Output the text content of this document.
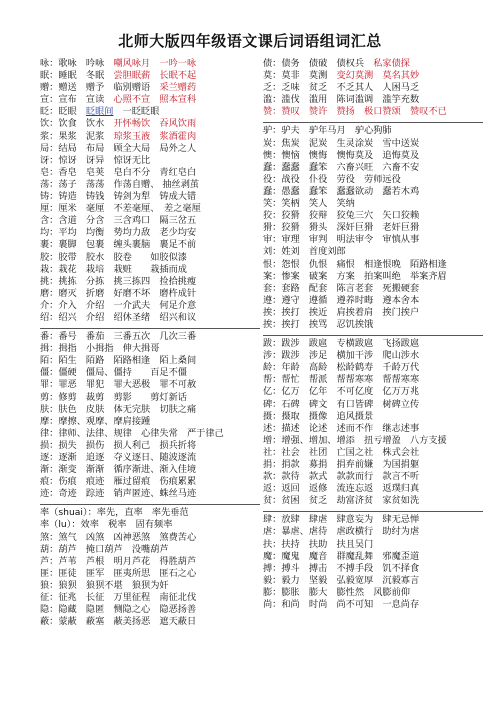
北师大版四年级语文课后词语组词汇总
咏：歌咏　吟咏　嘲风咏月　一吟一咏
眠：睡眠　冬眠　尝胆眠薪　长眠不起
赠：赠送　赠予　临别赠语　采兰赠药
宣：宣布　宣读　心照不宣　照本宣科
眨：眨眼　眨眼间　一眨眨眼
饮：饮食　饮水　开怀畅饮　吞风饮雨
浆：果浆　泥浆　琼浆玉液　浆酒霍肉
局：结局　布局　顾全大局　局外之人
讶：惊讶　讶异　惊讶无比
皂：香皂　皂荚　皂白不分　青红皂白
荡：荡子　荡荡　作荡自赠、 抽丝剥茧
铸：铸造　铸钱　铸剑为犁　铸成大错
厘：厘米　毫厘　不差毫厘、　差之毫厘
含：含道　分含　三含鸡口　隔三岔五
均：平均　均衡　势均力敌　老少均安
裹：裹脚　包裹　缠头裹脑　裹足不前
胶：胶带　胶水　胶卷　　如胶似漆
栽：栽花　栽培　栽赃　　栽插而成
挑：挑拣　分拣　挑三拣四　捡拾挑瘦
磨：磨灭　折磨　好磨不坏　磨杵成针
介：介入　介绍　一介武夫　何足介意
绍：绍兴　介绍　绍休圣绪　绍兴和议
番：番号　番茄　三番五次　几次三番
揖：揖指　小揖指　伸大揖哥
陌：陌生　陌路　陌路相逢　陌上桑间
僵：僵硬　僵局、僵持　　百足不僵
罪：罪恶　罪犯　罪大恶极　罪不可赦
剪：修剪　裁剪　剪影　　剪灯新话
肤：肤色　皮肤　体无完肤　切肤之痛
摩：摩擦、观摩、摩肩接踵
律：律师、法律、规律　心律失常　严于律己
损：损失　损伤　损人利己　损兵折将
逐：逐渐　追逐　夺义逐日、随波逐流
渐：渐变　渐渐　循序渐进、渐入佳境
痕：伤痕　痕迹　雁过留痕　伤痕累累
迹：奇迹　踪迹　销声匿迹、蛛丝马迹
率（shuai）：率先，直率　率先垂范
率（lu）：效率　税率　固有频率
煞：煞气　凶煞　凶神恶煞　煞费苦心
葫：葫芦　掩口葫芦　没嘴葫芦
芦：芦苇　芦根　明月芦花　得胜葫芦
匪：匪徒　匪军　匪夷所思　匪石之心
狼：狼狈　狼狈不堪　狼狈为奸
征：征兆　长征　万里征程　南征北伐
隐：隐藏　隐匿　恻隐之心　隐恶扬善
蔽：蒙蔽　蔽塞　蔽美扬恶　遮天蔽日
债：债务　债破　债权兵　私家债探
莫：莫非　莫测　变幻莫测　莫名其妙
乏：乏味　贫乏　不乏其人　人困马乏
滥：滥伐　滥用　陈词滥调　滥竽充数
赞：赞叹　赞许　赞扬　极口赞颂　赞叹不已
驴：驴夫　驴年马月　驴心狗肺
炭：焦炭　泥炭　生灵涂炭　雪中送炭
懊：懊恼　懊悔　懊悔莫及　追悔莫及
蠢：蠢蠢　蠢笨　六畜兴旺　六畜不安
役：战役　仆役　劳役　劳师远役
蠢：愚蠢　蠢笨　蠢蠢欲动　蠢若木鸡
笑：笑柄　笑人　笑纳
狡：狡猾　狡辩　狡兔三穴　矢口狡赖
猾：狡猾　猾头　深奸巨猾　老奸巨猾
审：审理　审判　明法审令　审慎从事
刘：姓刘　首度刘郎
恨：怨恨　仇恨　痛恨　相逢恨晚　陌路相逢
案：惨案　破案　方案　拍案叫绝　举案齐眉
套：套路　配套　陈言老套　死搬硬套
遵：遵守　遵循　遵养时晦　遵本舍本
挨：挨打　挨近　肩挨着肩　挨门挨户
挨：挨打　挨骂　忍饥挨饿
跋：跋涉　跋扈　专横跋扈　飞扬跋扈
涉：跋涉　涉足　横加干涉　爬山涉水
龄：年龄　高龄　松龄鹤寿　千龄万代
帮：帮忙　帮派　帮帮寒寒　帮帮寒寒
亿：亿万　亿年　不可亿度　亿万万兆
碑：石碑　碑文　有口皆碑　树碑立传
摄：摄取　摄像　追风摄景
述：描述　论述　述而不作　继志述事
增：增强、增加、增添　扭亏增盈　八方支援
社：社会　社团　亡国之社　株式会社
捐：捐款　募捐　捐弃前嫌　为国捐躯
款：款待　款式　款款而行　款言不听
返：返回　返修　流连忘返　返璞归真
贫：贫困　贫乏　劫富济贫　家贫如洗
肆：放肆　肆虐　肆意妄为　肆无忌惮
虐：暴虐、虐待　虐政横行　助纣为虐
扶：扶持　扶助　扶且吴门
魔：魔鬼　魔音　群魔乱舞　邪魔歪道
搏：搏斗　搏击　不搏手段　饥不择食
毅：毅力　坚毅　弘毅宽厚　沉毅寡言
膨：膨胀　膨大　膨性然　风膨前仰
尚：和尚　时尚　尚不可知　一息尚存
